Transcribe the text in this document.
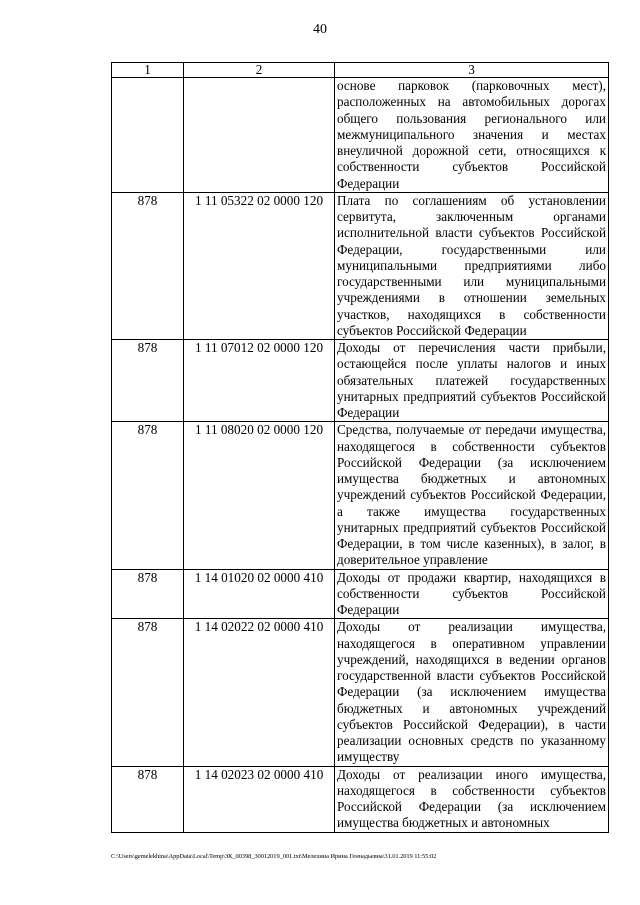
40
1	2	3
		основе парковок (парковочных мест), расположенных на автомобильных дорогах общего пользования регионального или межмуниципального значения и местах внеуличной дорожной сети, относящихся к собственности субъектов Российской Федерации
878	1 11 05322 02 0000 120	Плата по соглашениям об установлении сервитута, заключенным органами исполнительной власти субъектов Российской Федерации, государственными или муниципальными предприятиями либо государственными или муниципальными учреждениями в отношении земельных участков, находящихся в собственности субъектов Российской Федерации
878	1 11 07012 02 0000 120	Доходы от перечисления части прибыли, остающейся после уплаты налогов и иных обязательных платежей государственных унитарных предприятий субъектов Российской Федерации
878	1 11 08020 02 0000 120	Средства, получаемые от передачи имущества, находящегося в собственности субъектов Российской Федерации (за исключением имущества бюджетных и автономных учреждений субъектов Российской Федерации, а также имущества государственных унитарных предприятий субъектов Российской Федерации, в том числе казенных), в залог, в доверительное управление
878	1 14 01020 02 0000 410	Доходы от продажи квартир, находящихся в собственности субъектов Российской Федерации
878	1 14 02022 02 0000 410	Доходы от реализации имущества, находящегося в оперативном управлении учреждений, находящихся в ведении органов государственной власти субъектов Российской Федерации (за исключением имущества бюджетных и автономных учреждений субъектов Российской Федерации), в части реализации основных средств по указанному имуществу
878	1 14 02023 02 0000 410	Доходы от реализации иного имущества, находящегося в собственности субъектов Российской Федерации (за исключением имущества бюджетных и автономных
C:\Users\gemelekhina\AppData\Local\Temp\ЗК_00398_30012019_001.txt\Мелехина Ирина Геннадьевна\31.01.2019 11:55:02
